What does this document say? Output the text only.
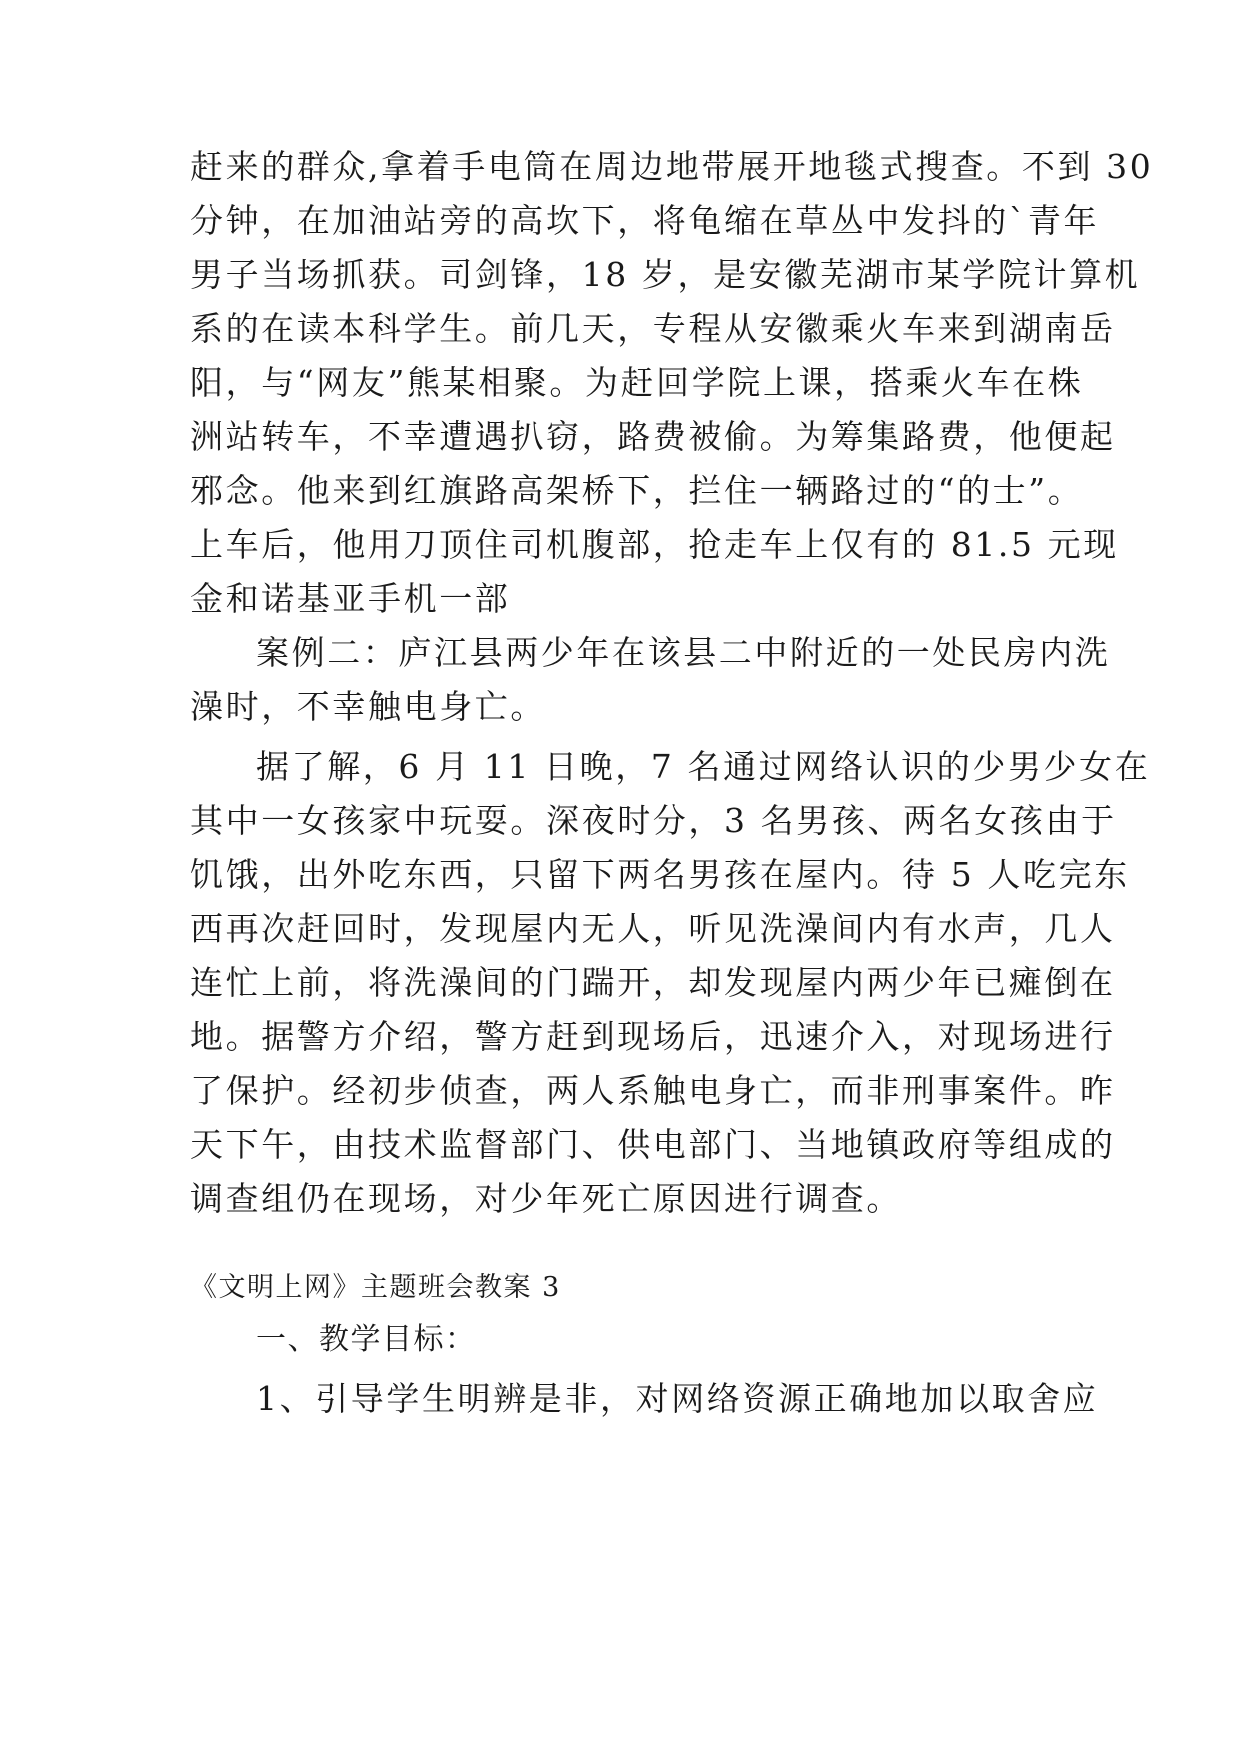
赶来的群众,拿着手电筒在周边地带展开地毯式搜查。不到 30
分钟，在加油站旁的高坎下，将龟缩在草丛中发抖的`青年
男子当场抓获。司剑锋，18 岁，是安徽芜湖市某学院计算机
系的在读本科学生。前几天，专程从安徽乘火车来到湖南岳
阳，与“网友”熊某相聚。为赶回学院上课，搭乘火车在株
洲站转车，不幸遭遇扒窃，路费被偷。为筹集路费，他便起
邪念。他来到红旗路高架桥下，拦住一辆路过的“的士”。
上车后，他用刀顶住司机腹部，抢走车上仅有的 81.5 元现
金和诺基亚手机一部
案例二：庐江县两少年在该县二中附近的一处民房内洗
澡时，不幸触电身亡。
据了解，6 月 11 日晚，7 名通过网络认识的少男少女在
其中一女孩家中玩耍。深夜时分，3 名男孩、两名女孩由于
饥饿，出外吃东西，只留下两名男孩在屋内。待 5 人吃完东
西再次赶回时，发现屋内无人，听见洗澡间内有水声，几人
连忙上前，将洗澡间的门踹开，却发现屋内两少年已瘫倒在
地。据警方介绍，警方赶到现场后，迅速介入，对现场进行
了保护。经初步侦查，两人系触电身亡，而非刑事案件。昨
天下午，由技术监督部门、供电部门、当地镇政府等组成的
调查组仍在现场，对少年死亡原因进行调查。
《文明上网》主题班会教案 3
一、教学目标：
1、引导学生明辨是非，对网络资源正确地加以取舍应
